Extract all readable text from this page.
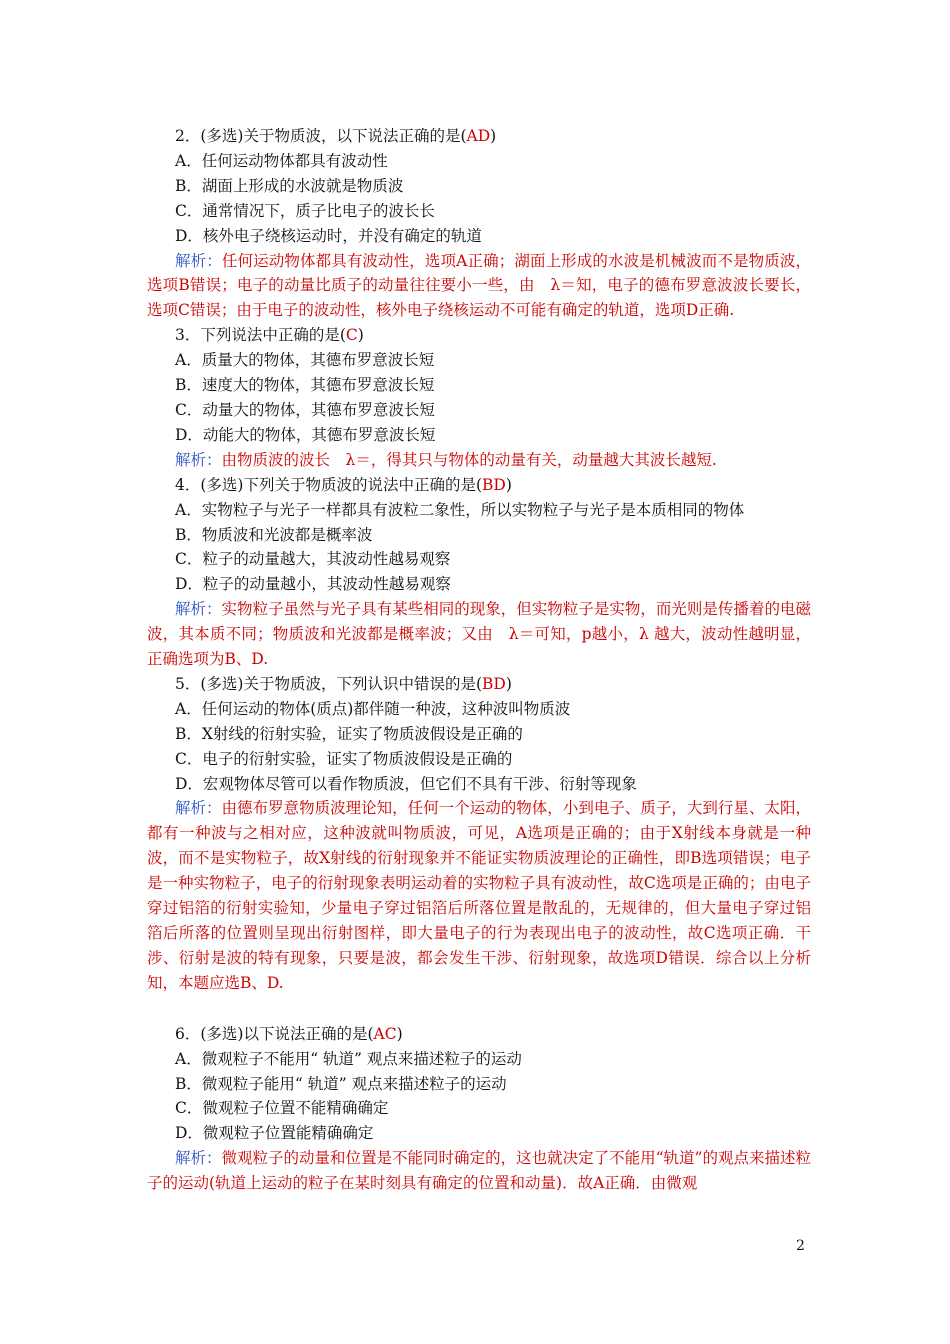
2．(多选)关于物质波，以下说法正确的是(AD)

A．任何运动物体都具有波动性

B．湖面上形成的水波就是物质波

C．通常情况下，质子比电子的波长长

D．核外电子绕核运动时，并没有确定的轨道

解析：任何运动物体都具有波动性，选项A正确；湖面上形成的水波是机械波而不是物质波，选项B错误；电子的动量比质子的动量往往要小一些，由　λ＝知，电子的德布罗意波波长要长，选项C错误；由于电子的波动性，核外电子绕核运动不可能有确定的轨道，选项D正确.

3．下列说法中正确的是(C)

A．质量大的物体，其德布罗意波长短

B．速度大的物体，其德布罗意波长短

C．动量大的物体，其德布罗意波长短

D．动能大的物体，其德布罗意波长短

解析：由物质波的波长　λ＝，得其只与物体的动量有关，动量越大其波长越短.

4．(多选)下列关于物质波的说法中正确的是(BD)

A．实物粒子与光子一样都具有波粒二象性，所以实物粒子与光子是本质相同的物体

B．物质波和光波都是概率波

C．粒子的动量越大，其波动性越易观察

D．粒子的动量越小，其波动性越易观察

解析：实物粒子虽然与光子具有某些相同的现象，但实物粒子是实物，而光则是传播着的电磁波，其本质不同；物质波和光波都是概率波；又由　λ＝可知，p越小，λ 越大，波动性越明显，正确选项为B、D.

5．(多选)关于物质波，下列认识中错误的是(BD)

A．任何运动的物体(质点)都伴随一种波，这种波叫物质波

B．X射线的衍射实验，证实了物质波假设是正确的

C．电子的衍射实验，证实了物质波假设是正确的

D．宏观物体尽管可以看作物质波，但它们不具有干涉、衍射等现象

解析：由德布罗意物质波理论知，任何一个运动的物体，小到电子、质子，大到行星、太阳，都有一种波与之相对应，这种波就叫物质波，可见，A选项是正确的；由于X射线本身就是一种波，而不是实物粒子，故X射线的衍射现象并不能证实物质波理论的正确性，即B选项错误；电子是一种实物粒子，电子的衍射现象表明运动着的实物粒子具有波动性，故C选项是正确的；由电子穿过铝箔的衍射实验知，少量电子穿过铝箔后所落位置是散乱的，无规律的，但大量电子穿过铝箔后所落的位置则呈现出衍射图样，即大量电子的行为表现出电子的波动性，故C选项正确．干涉、衍射是波的特有现象，只要是波，都会发生干涉、衍射现象，故选项D错误．综合以上分析知，本题应选B、D.

6．(多选)以下说法正确的是(AC)

A．微观粒子不能用“ 轨道” 观点来描述粒子的运动

B．微观粒子能用“ 轨道” 观点来描述粒子的运动

C．微观粒子位置不能精确确定

D．微观粒子位置能精确确定

解析：微观粒子的动量和位置是不能同时确定的，这也就决定了不能用“轨道”的观点来描述粒子的运动(轨道上运动的粒子在某时刻具有确定的位置和动量)．故A正确．由微观

2
